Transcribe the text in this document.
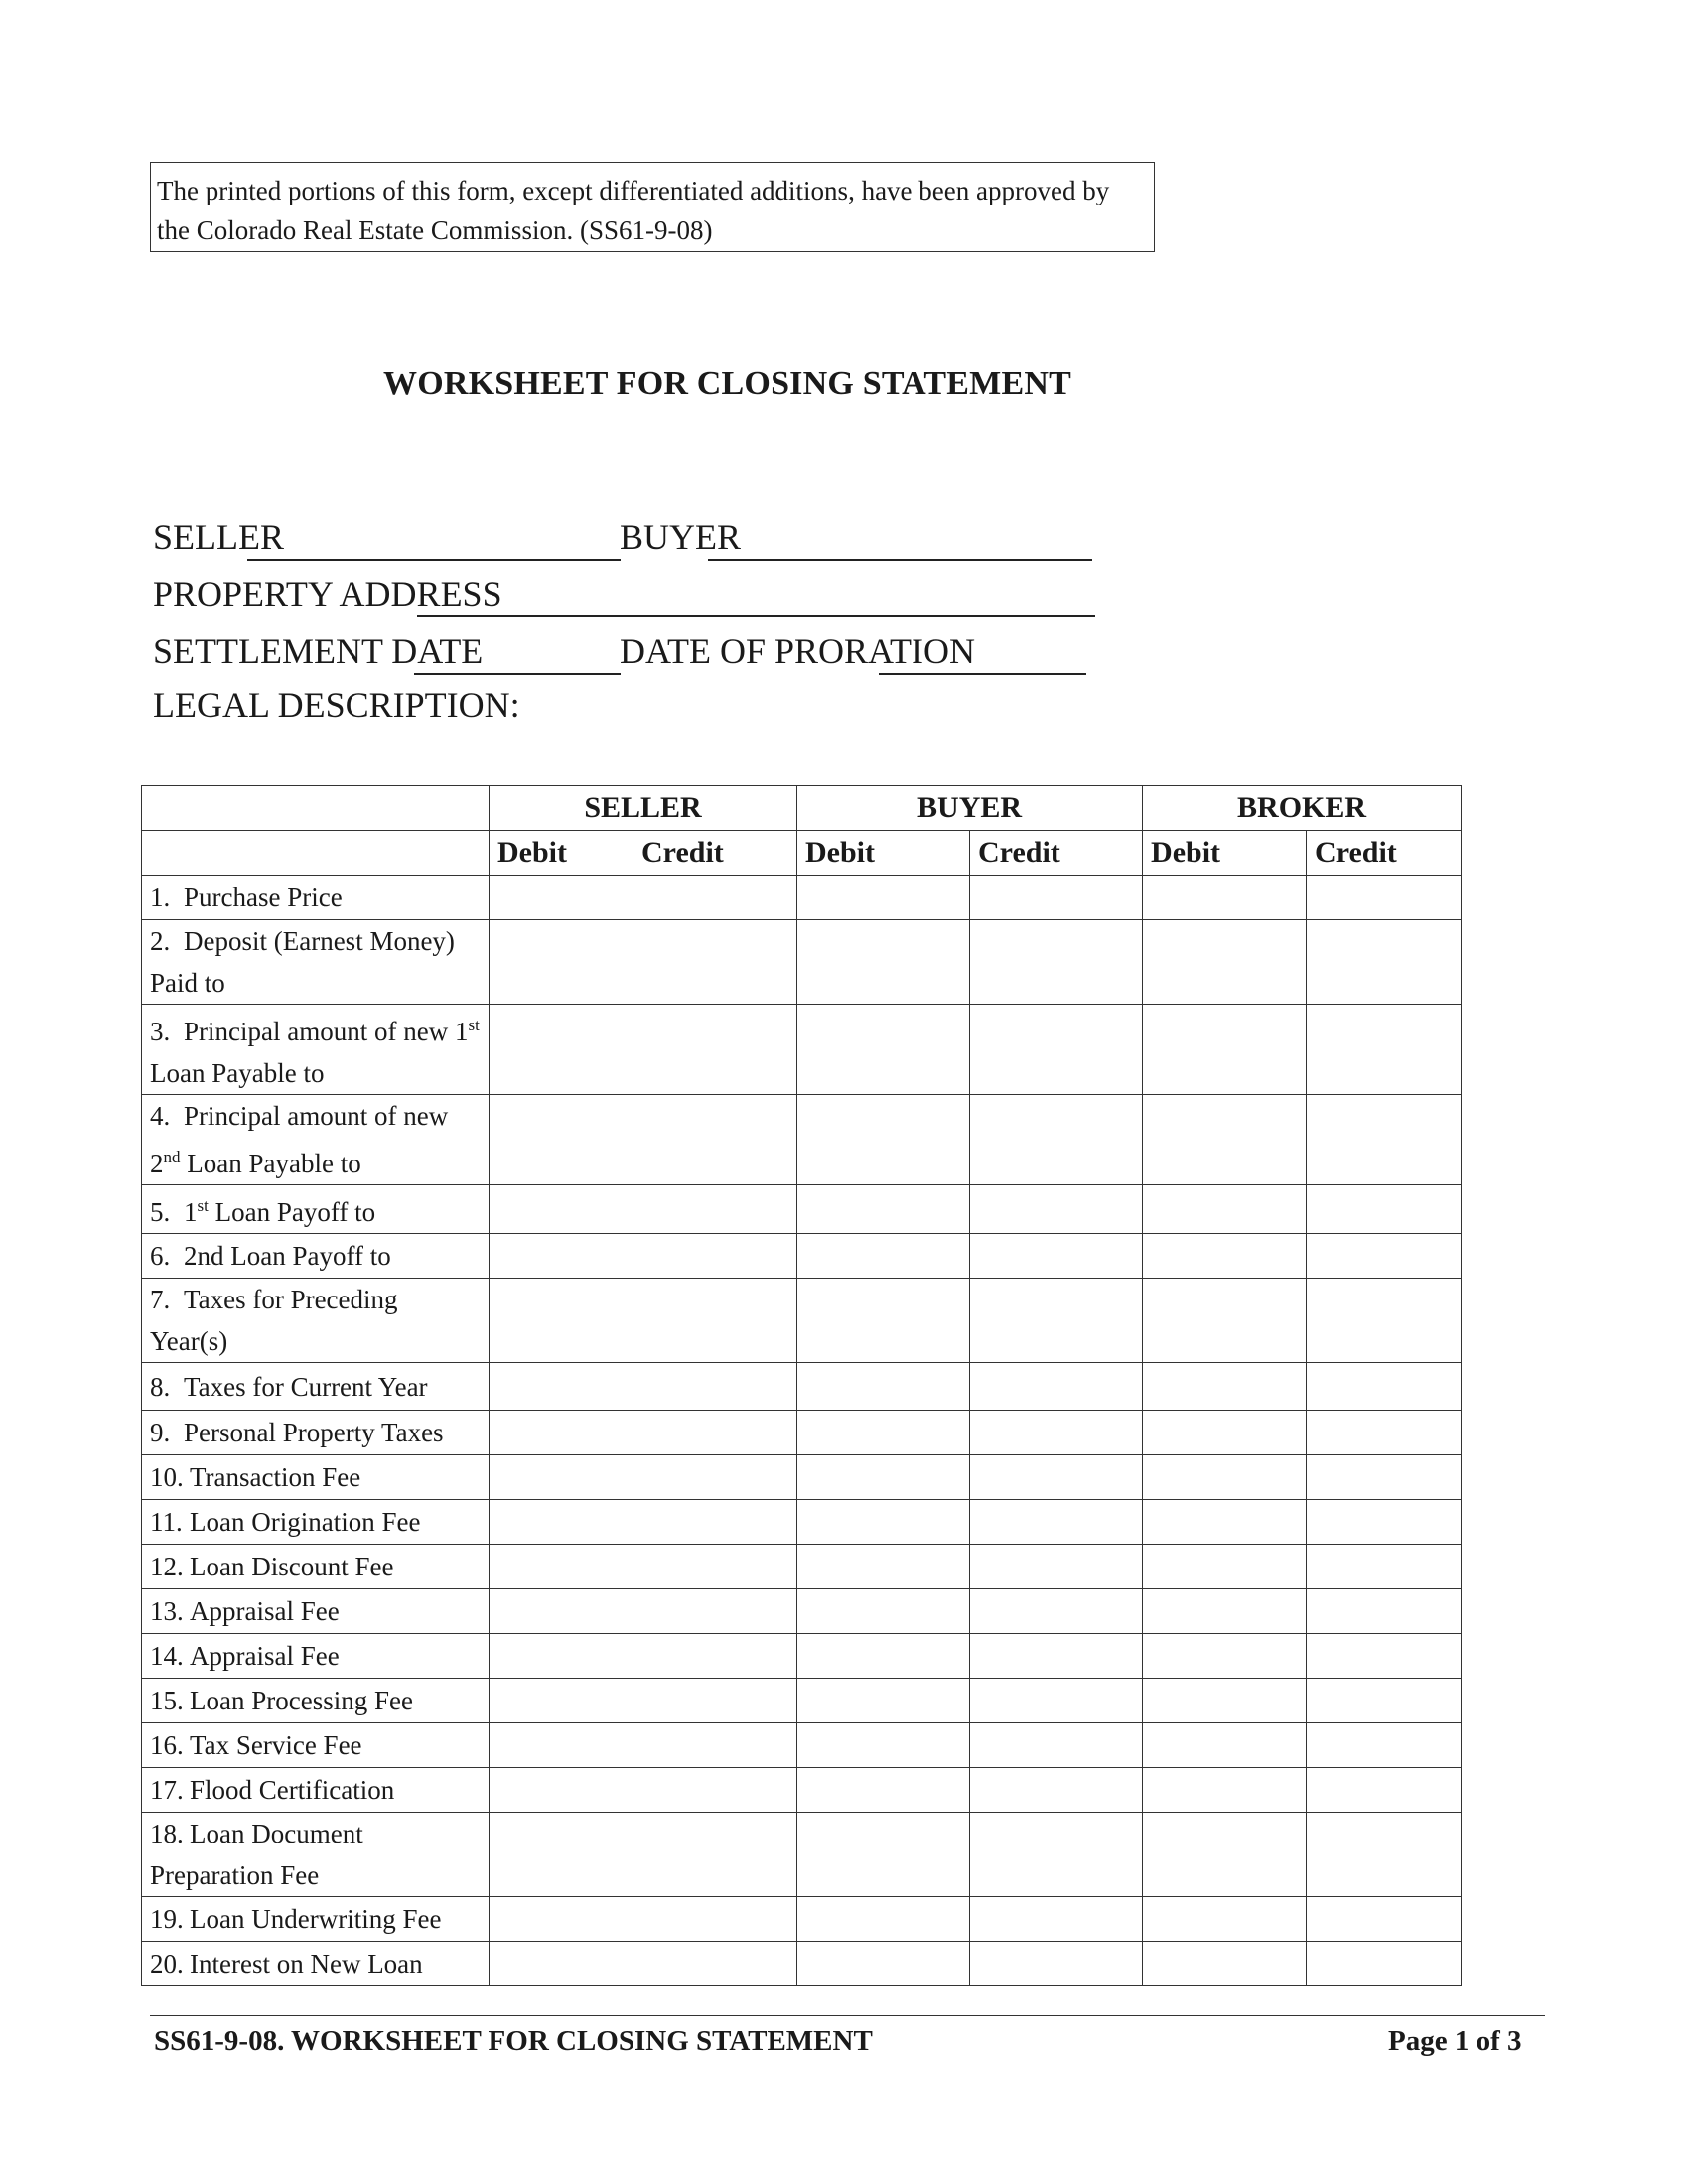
The printed portions of this form, except differentiated additions, have been approved by the Colorado Real Estate Commission. (SS61-9-08)
WORKSHEET FOR CLOSING STATEMENT
SELLER	BUYER
PROPERTY ADDRESS
SETTLEMENT DATE	DATE OF PRORATION
LEGAL DESCRIPTION:
	SELLER		BUYER		BROKER	
	Debit	Credit	Debit	Credit	Debit	Credit
1. Purchase Price						
2. Deposit (Earnest Money) Paid to						
3. Principal amount of new 1st Loan Payable to						
4. Principal amount of new 2nd Loan Payable to						
5. 1st Loan Payoff to						
6. 2nd Loan Payoff to						
7. Taxes for Preceding Year(s)						
8. Taxes for Current Year						
9. Personal Property Taxes						
10. Transaction Fee						
11. Loan Origination Fee						
12. Loan Discount Fee						
13. Appraisal Fee						
14. Appraisal Fee						
15. Loan Processing Fee						
16. Tax Service Fee						
17. Flood Certification						
18. Loan Document Preparation Fee						
19. Loan Underwriting Fee						
20. Interest on New Loan						
SS61-9-08. WORKSHEET FOR CLOSING STATEMENT	Page 1 of 3
